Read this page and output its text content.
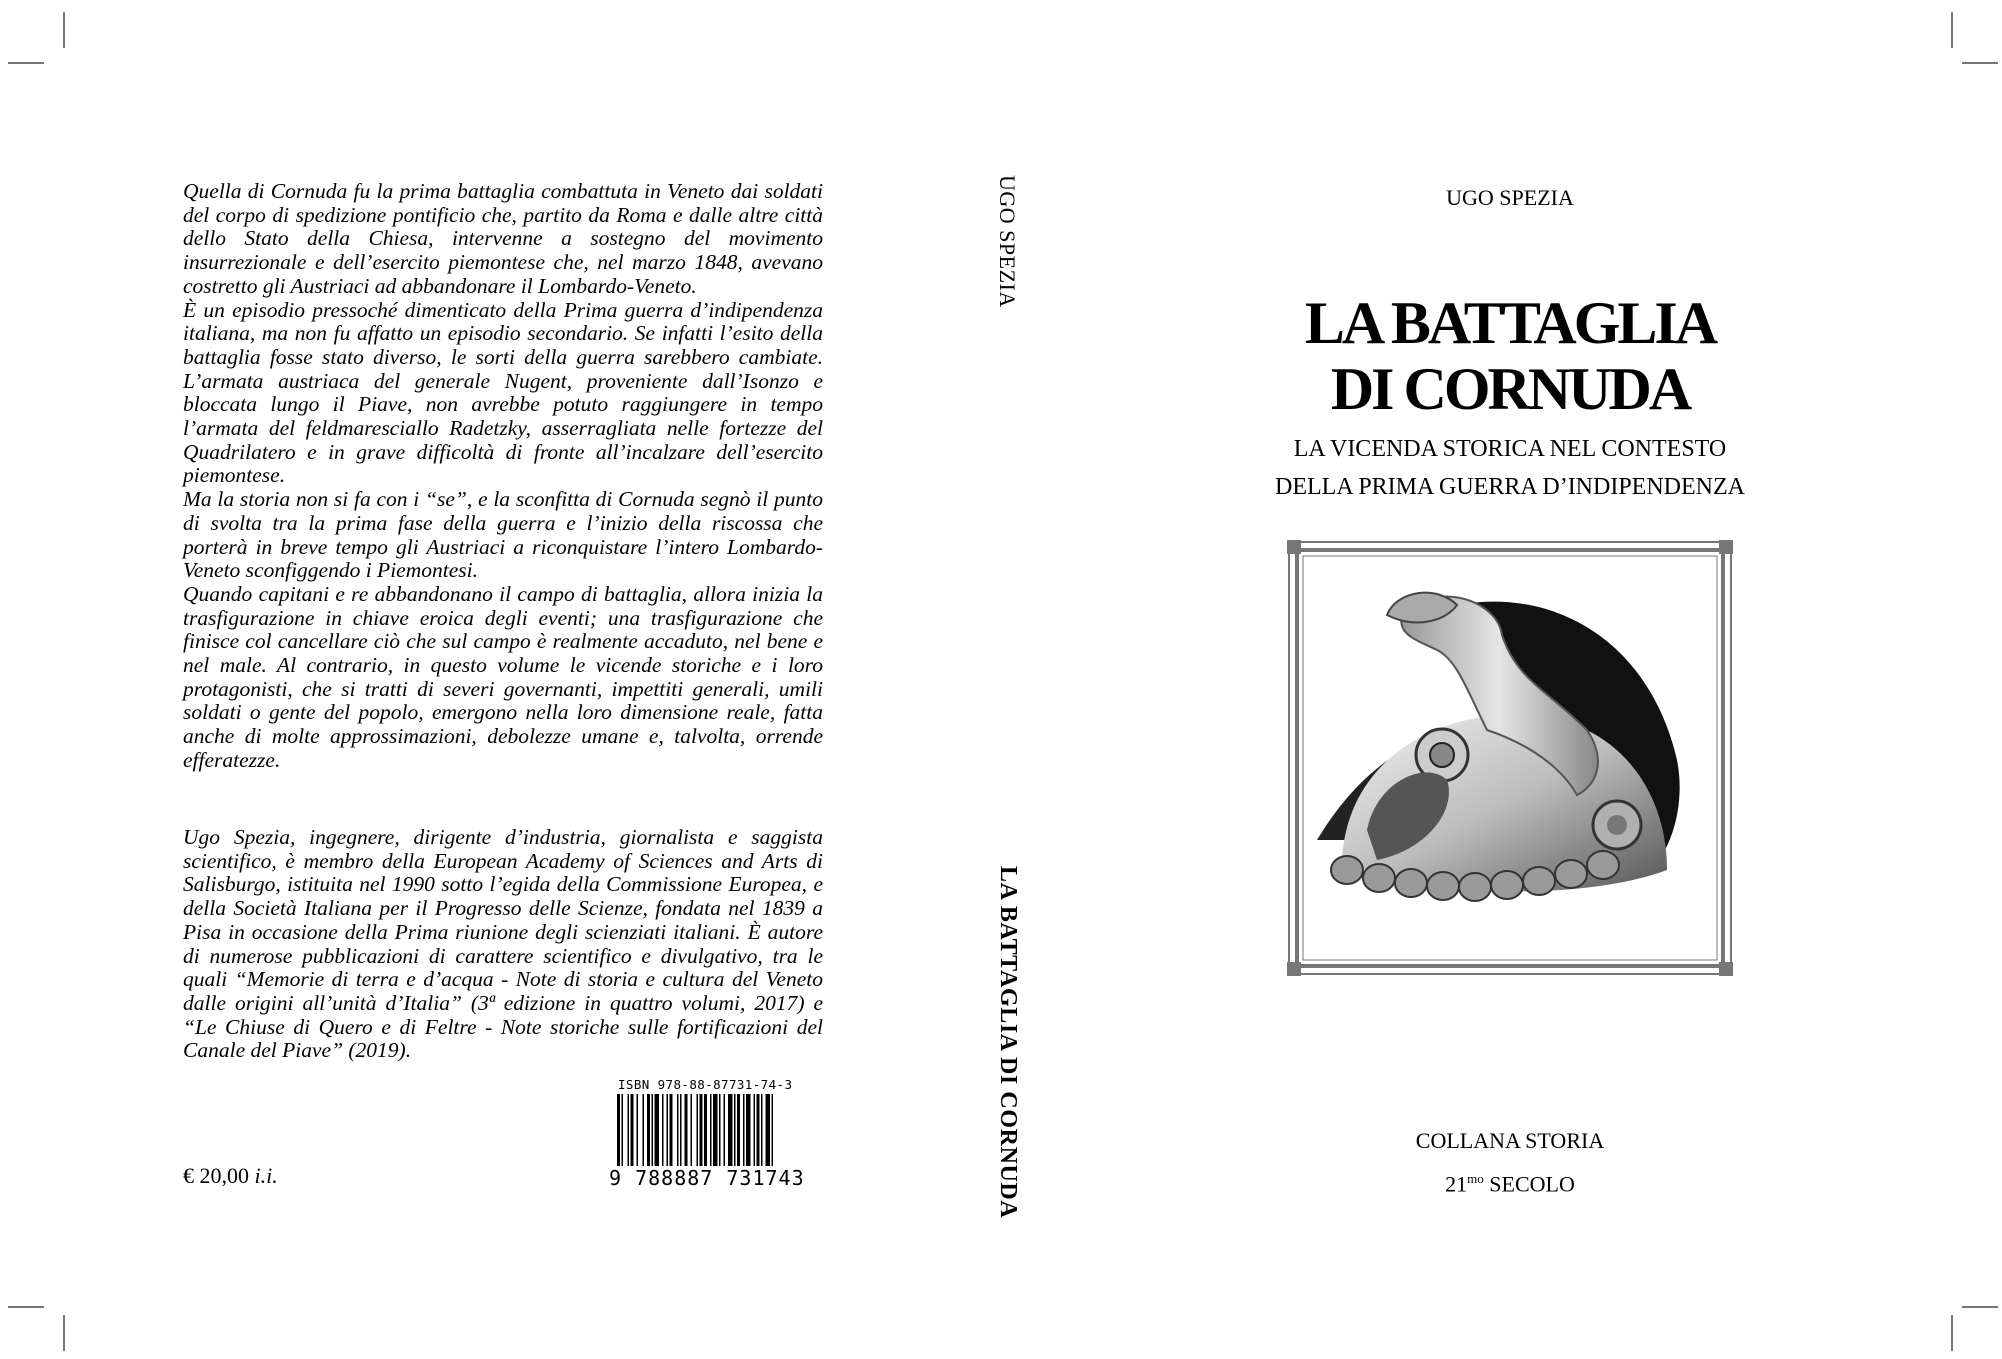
Quella di Cornuda fu la prima battaglia combattuta in Veneto dai soldati del corpo di spedizione pontificio che, partito da Roma e dalle altre città dello Stato della Chiesa, intervenne a sostegno del movimento insurrezionale e dell’esercito piemontese che, nel marzo 1848, avevano costretto gli Austriaci ad abbandonare il Lombardo-Veneto.

È un episodio pressoché dimenticato della Prima guerra d’indipendenza italiana, ma non fu affatto un episodio secondario. Se infatti l’esito della battaglia fosse stato diverso, le sorti della guerra sarebbero cambiate. L’armata austriaca del generale Nugent, proveniente dall’Isonzo e bloccata lungo il Piave, non avrebbe potuto raggiungere in tempo l’armata del feldmaresciallo Radetzky, asserragliata nelle fortezze del Quadrilatero e in grave difficoltà di fronte all’incalzare dell’esercito piemontese.

Ma la storia non si fa con i “se”, e la sconfitta di Cornuda segnò il punto di svolta tra la prima fase della guerra e l’inizio della riscossa che porterà in breve tempo gli Austriaci a riconquistare l’intero Lombardo-Veneto sconfiggendo i Piemontesi.

Quando capitani e re abbandonano il campo di battaglia, allora inizia la trasfigurazione in chiave eroica degli eventi; una trasfigurazione che finisce col cancellare ciò che sul campo è realmente accaduto, nel bene e nel male. Al contrario, in questo volume le vicende storiche e i loro protagonisti, che si tratti di severi governanti, impettiti generali, umili soldati o gente del popolo, emergono nella loro dimensione reale, fatta anche di molte approssimazioni, debolezze umane e, talvolta, orrende efferatezze.

Ugo Spezia, ingegnere, dirigente d’industria, giornalista e saggista scientifico, è membro della European Academy of Sciences and Arts di Salisburgo, istituita nel 1990 sotto l’egida della Commissione Europea, e della Società Italiana per il Progresso delle Scienze, fondata nel 1839 a Pisa in occasione della Prima riunione degli scienziati italiani. È autore di numerose pubblicazioni di carattere scientifico e divulgativo, tra le quali “Memorie di terra e d’acqua - Note di storia e cultura del Veneto dalle origini all’unità d’Italia” (3ª edizione in quattro volumi, 2017) e “Le Chiuse di Quero e di Feltre - Note storiche sulle fortificazioni del Canale del Piave” (2019).
€ 20,00 i.i.
ISBN 978-88-87731-74-3
9 788887 731743
UGO SPEZIA
LA BATTAGLIA DI CORNUDA
UGO SPEZIA
LA BATTAGLIA
DI CORNUDA
LA VICENDA STORICA NEL CONTESTO
DELLA PRIMA GUERRA D’INDIPENDENZA
COLLANA STORIA
$21^{mo}$ SECOLO
